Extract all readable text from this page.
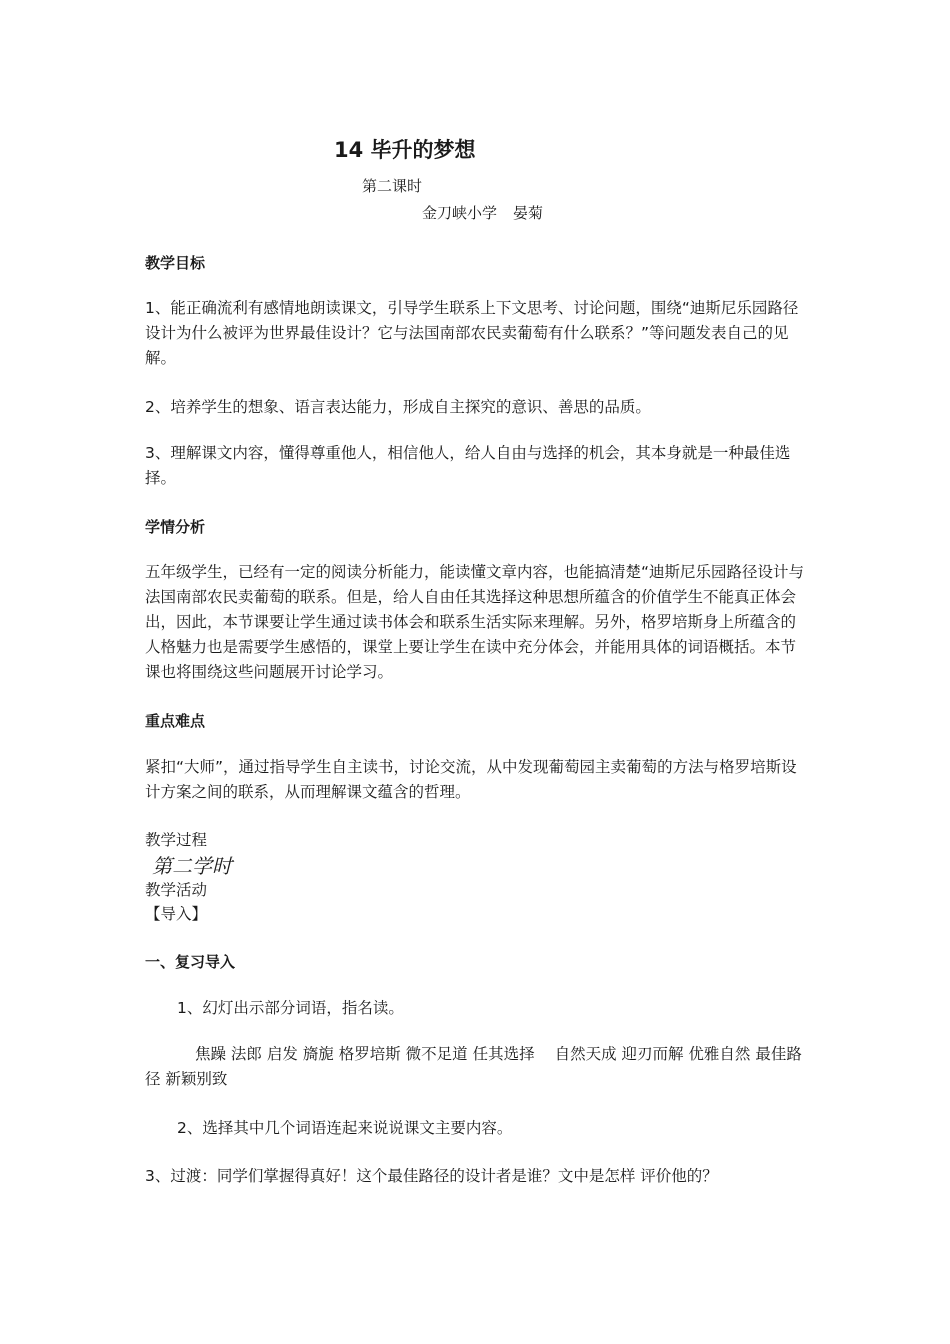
14 毕升的梦想
第二课时
金刀峡小学 晏菊
教学目标

1、能正确流利有感情地朗读课文，引导学生联系上下文思考、讨论问题，围绕“迪斯尼乐园路径设计为什么被评为世界最佳设计？它与法国南部农民卖葡萄有什么联系？”等问题发表自己的见解。

2、培养学生的想象、语言表达能力，形成自主探究的意识、善思的品质。

3、理解课文内容，懂得尊重他人，相信他人，给人自由与选择的机会，其本身就是一种最佳选择。

学情分析

五年级学生，已经有一定的阅读分析能力，能读懂文章内容，也能搞清楚“迪斯尼乐园路径设计与法国南部农民卖葡萄的联系。但是，给人自由任其选择这种思想所蕴含的价值学生不能真正体会出，因此，本节课要让学生通过读书体会和联系生活实际来理解。另外，格罗培斯身上所蕴含的人格魅力也是需要学生感悟的，课堂上要让学生在读中充分体会，并能用具体的词语概括。本节课也将围绕这些问题展开讨论学习。

重点难点

紧扣“大师”，通过指导学生自主读书，讨论交流，从中发现葡萄园主卖葡萄的方法与格罗培斯设计方案之间的联系，从而理解课文蕴含的哲理。

教学过程
第二学时
教学活动
【导入】
一、复习导入
1、幻灯出示部分词语，指名读。
焦躁 法郎 启发 旖旎 格罗培斯 微不足道 任其选择 自然天成 迎刃而解 优雅自然 最佳路径 新颖别致
2、选择其中几个词语连起来说说课文主要内容。
3、过渡：同学们掌握得真好！这个最佳路径的设计者是谁？文中是怎样 评价他的？
